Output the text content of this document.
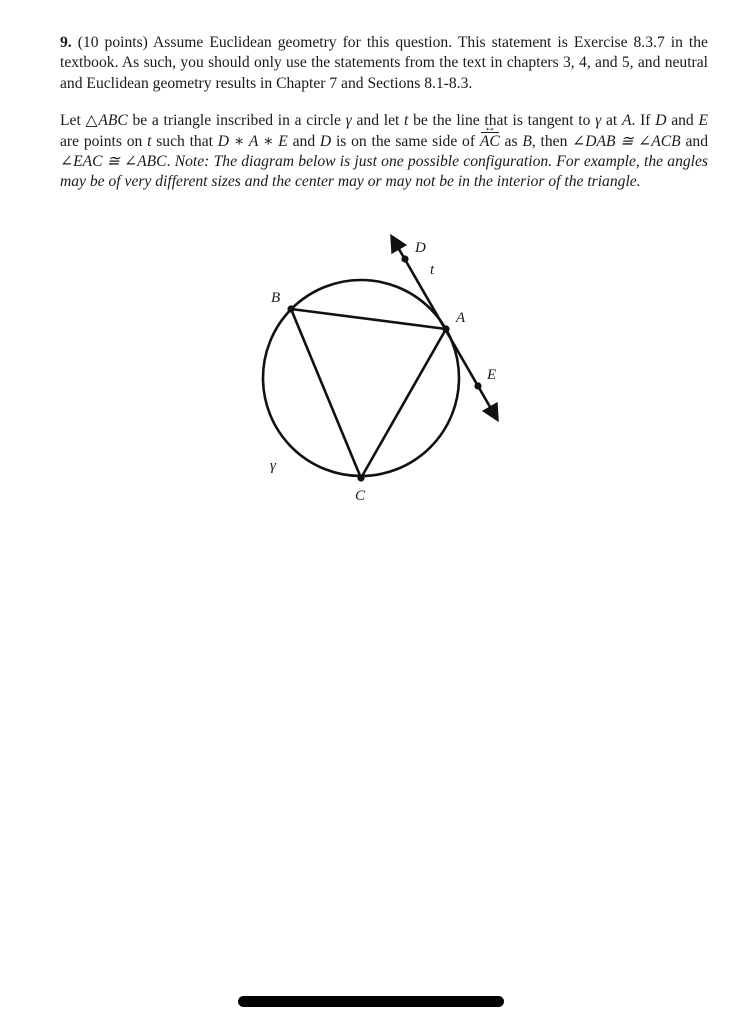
9. (10 points) Assume Euclidean geometry for this question. This statement is Exercise 8.3.7 in the textbook. As such, you should only use the statements from the text in chapters 3, 4, and 5, and neutral and Euclidean geometry results in Chapter 7 and Sections 8.1-8.3.

Let △ABC be a triangle inscribed in a circle γ and let t be the line that is tangent to γ at A. If D and E are points on t such that D ∗ A ∗ E and D is on the same side of AC ↔ as B, then ∠DAB ≅ ∠ACB and ∠EAC ≅ ∠ABC. Note: The diagram below is just one possible configuration. For example, the angles may be of very different sizes and the center may or may not be in the interior of the triangle.

D
t
B
A
E
γ
C
